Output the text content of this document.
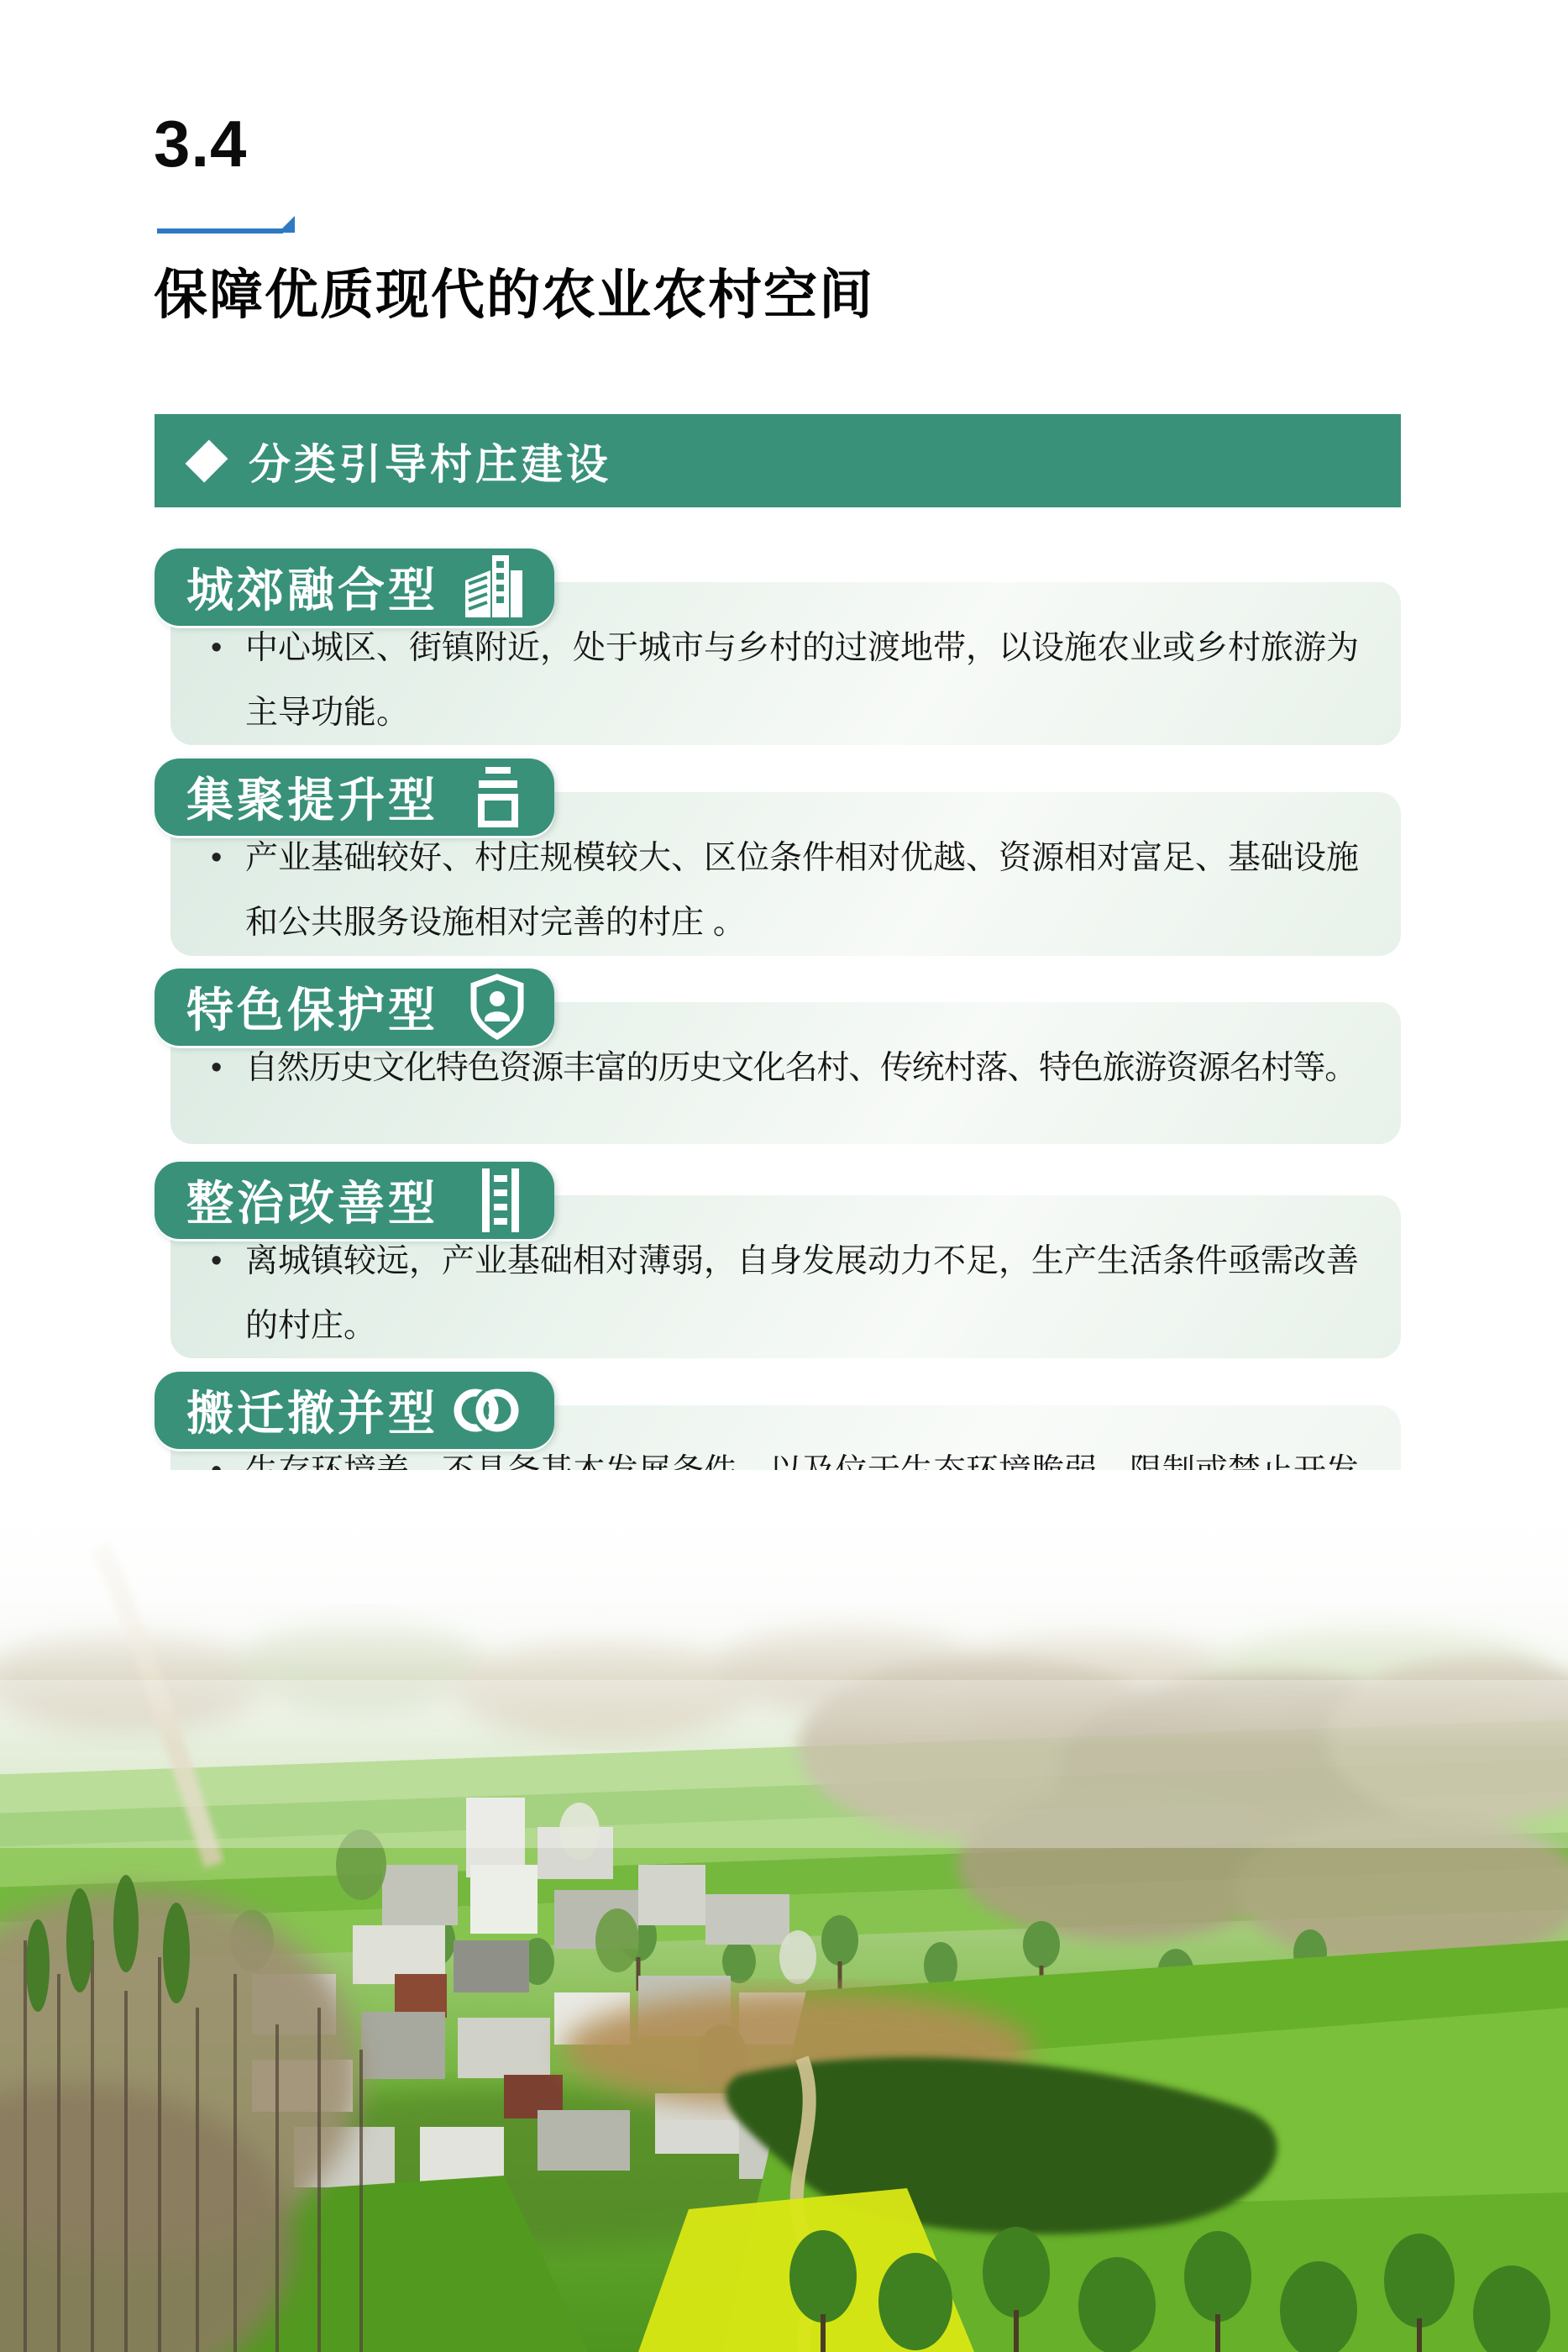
3.4
保障优质现代的农业农村空间
分类引导村庄建设
• 中心城区、街镇附近，处于城市与乡村的过渡地带，以设施农业或乡村旅游为主导功能。

城郊融合型
• 产业基础较好、村庄规模较大、区位条件相对优越、资源相对富足、基础设施和公共服务设施相对完善的村庄 。

集聚提升型
• 自然历史文化特色资源丰富的历史文化名村、传统村落、特色旅游资源名村等。

特色保护型
• 离城镇较远，产业基础相对薄弱，自身发展动力不足，生产生活条件亟需改善的村庄。

整治改善型

搬迁撤并型
